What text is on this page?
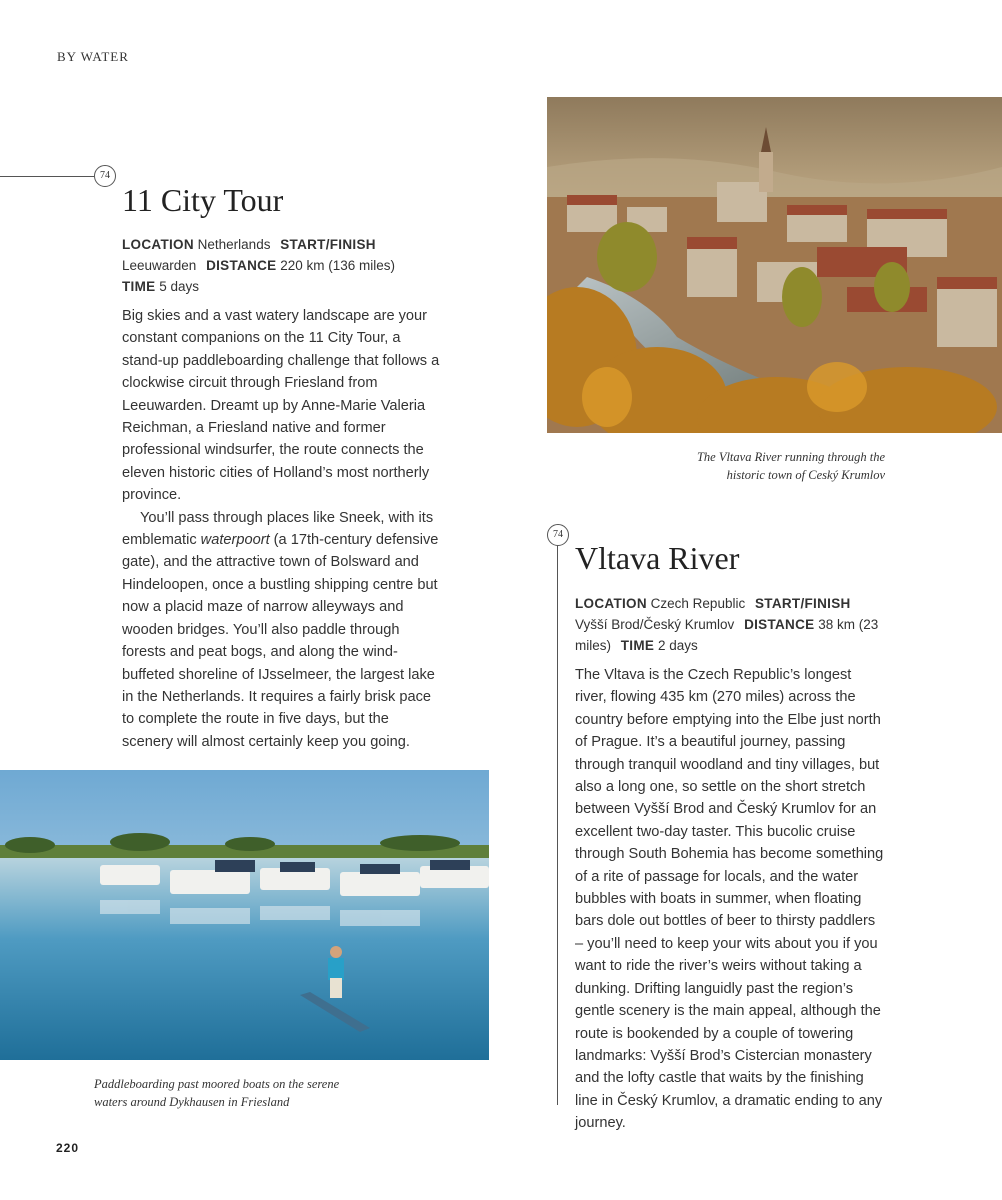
BY WATER
74
11 City Tour
LOCATION Netherlands START/FINISH Leeuwarden DISTANCE 220 km (136 miles)
TIME 5 days

Big skies and a vast watery landscape are your constant companions on the 11 City Tour, a stand-up paddleboarding challenge that follows a clockwise circuit through Friesland from Leeuwarden. Dreamt up by Anne-Marie Valeria Reichman, a Friesland native and former professional windsurfer, the route connects the eleven historic cities of Holland’s most northerly province.

You’ll pass through places like Sneek, with its emblematic waterpoort (a 17th-century defensive gate), and the attractive town of Bolsward and Hindeloopen, once a bustling shipping centre but now a placid maze of narrow alleyways and wooden bridges. You’ll also paddle through forests and peat bogs, and along the wind-buffeted shoreline of IJsselmeer, the largest lake in the Netherlands. It requires a fairly brisk pace to complete the route in five days, but the scenery will almost certainly keep you going.

The Vltava River running through the
historic town of Ceský Krumlov
74
Vltava River
LOCATION Czech Republic START/FINISH Vyšší Brod/Český Krumlov DISTANCE 38 km (23 miles) TIME 2 days

The Vltava is the Czech Republic’s longest river, flowing 435 km (270 miles) across the country before emptying into the Elbe just north of Prague. It’s a beautiful journey, passing through tranquil woodland and tiny villages, but also a long one, so settle on the short stretch between Vyšší Brod and Český Krumlov for an excellent two-day taster. This bucolic cruise through South Bohemia has become something of a rite of passage for locals, and the water bubbles with boats in summer, when floating bars dole out bottles of beer to thirsty paddlers – you’ll need to keep your wits about you if you want to ride the river’s weirs without taking a dunking. Drifting languidly past the region’s gentle scenery is the main appeal, although the route is bookended by a couple of towering landmarks: Vyšší Brod’s Cistercian monastery and the lofty castle that waits by the finishing line in Český Krumlov, a dramatic ending to any journey.

Paddleboarding past moored boats on the serene
waters around Dykhausen in Friesland
220
